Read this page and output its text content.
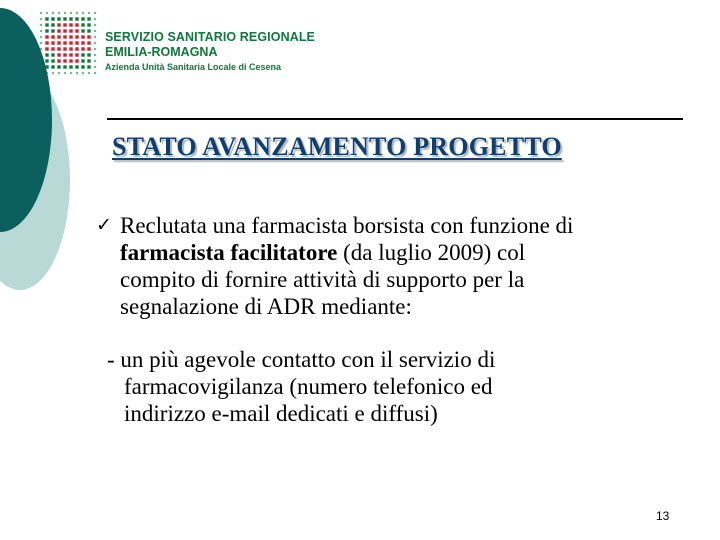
SERVIZIO SANITARIO REGIONALE
EMILIA-ROMAGNA
Azienda Unità Sanitaria Locale di Cesena
STATO AVANZAMENTO PROGETTO
✓ Reclutata una farmacista borsista con funzione di
farmacista facilitatore (da luglio 2009) col
compito di fornire attività di supporto per la
segnalazione di ADR mediante:
- un più agevole contatto con il servizio di
farmacovigilanza (numero telefonico ed
indirizzo e-mail dedicati e diffusi)
13
